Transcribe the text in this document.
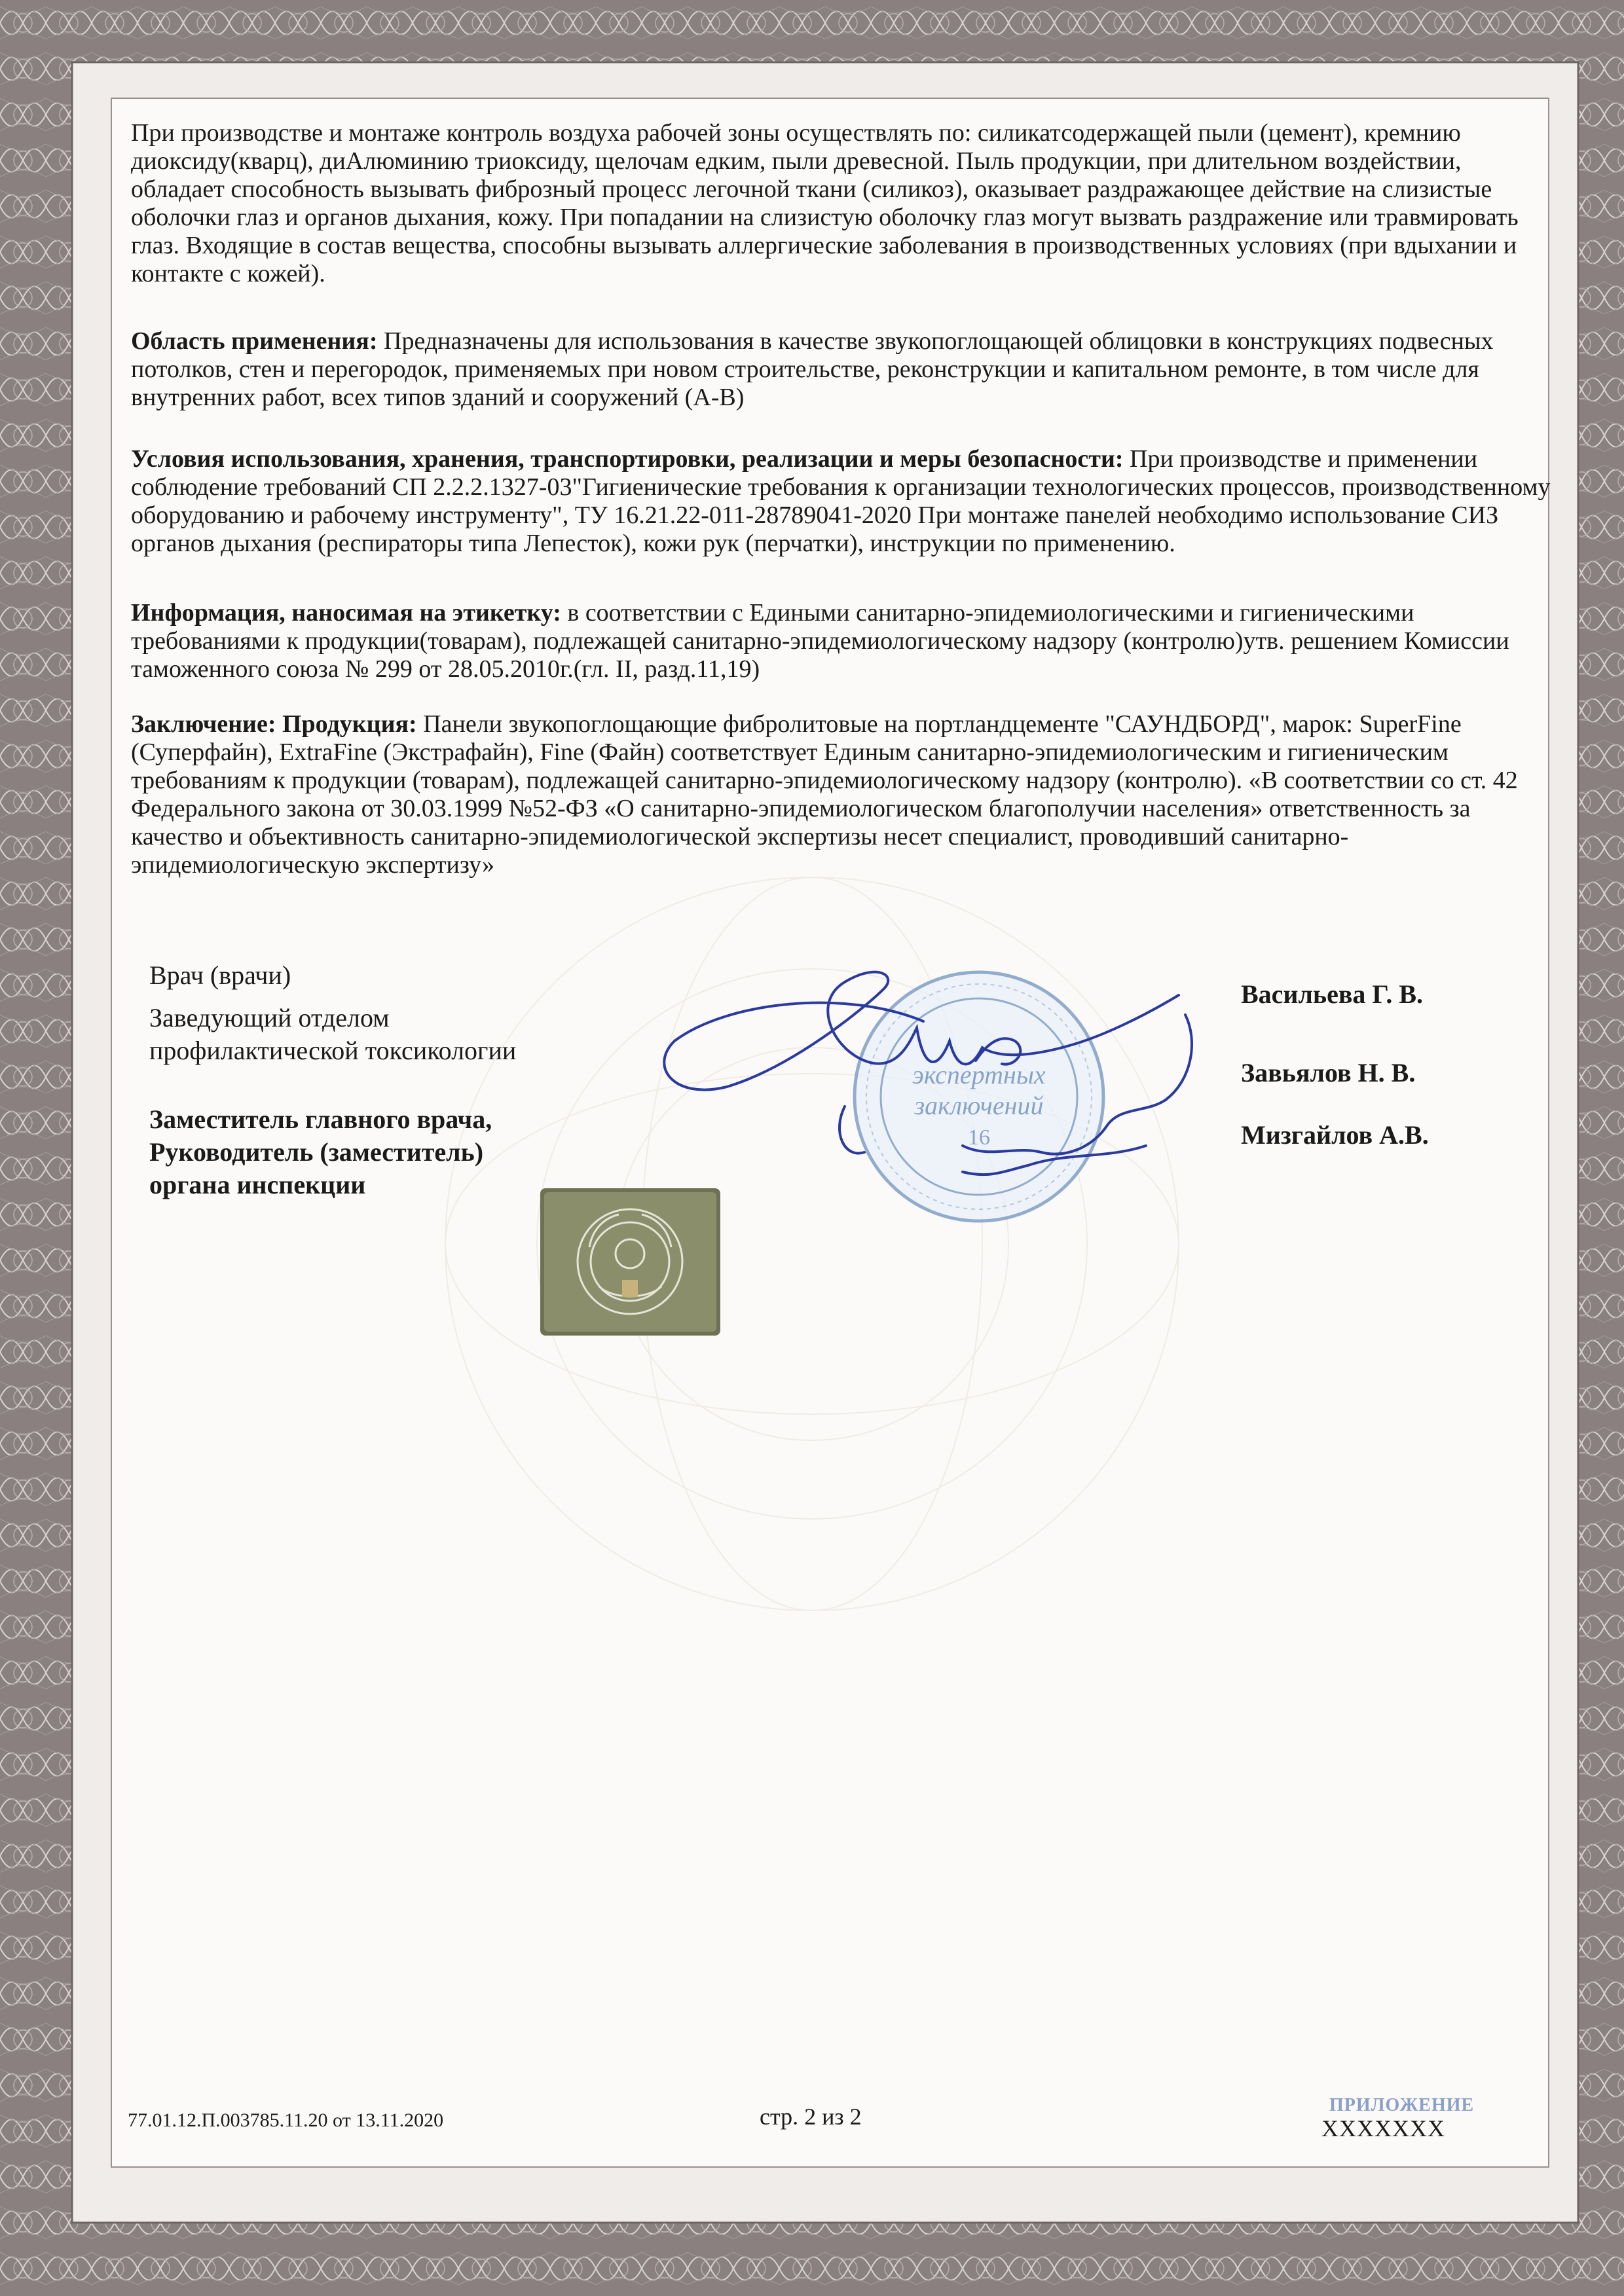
При производстве и монтаже контроль воздуха рабочей зоны осуществлять по: силикатсодержащей пыли (цемент), кремнию диоксиду(кварц), диАлюминию триоксиду, щелочам едким, пыли древесной. Пыль продукции, при длительном воздействии, обладает способность вызывать фиброзный процесс легочной ткани (силикоз), оказывает раздражающее действие на слизистые оболочки глаз и органов дыхания, кожу. При попадании на слизистую оболочку глаз могут вызвать раздражение или травмировать глаз. Входящие в состав вещества, способны вызывать аллергические заболевания в производственных условиях (при вдыхании и контакте с кожей).

Область применения: Предназначены для использования в качестве звукопоглощающей облицовки в конструкциях подвесных потолков, стен и перегородок, применяемых при новом строительстве, реконструкции и капитальном ремонте, в том числе для внутренних работ, всех типов зданий и сооружений (А-В)

Условия использования, хранения, транспортировки, реализации и меры безопасности: При производстве и применении соблюдение требований СП 2.2.2.1327-03"Гигиенические требования к организации технологических процессов, производственному оборудованию и рабочему инструменту", ТУ 16.21.22-011-28789041-2020 При монтаже панелей необходимо использование СИЗ органов дыхания (респираторы типа Лепесток), кожи рук (перчатки), инструкции по применению.

Информация, наносимая на этикетку: в соответствии с Едиными санитарно-эпидемиологическими и гигиеническими требованиями к продукции(товарам), подлежащей санитарно-эпидемиологическому надзору (контролю)утв. решением Комиссии таможенного союза № 299 от 28.05.2010г.(гл. II, разд.11,19)

Заключение: Продукция: Панели звукопоглощающие фибролитовые на портландцементе "САУНДБОРД", марок: SuperFine (Суперфайн), ExtraFine (Экстрафайн), Fine (Файн) соответствует Единым санитарно-эпидемиологическим и гигиеническим требованиям к продукции (товарам), подлежащей санитарно-эпидемиологическому надзору (контролю). «В соответствии со ст. 42 Федерального закона от 30.03.1999 №52-ФЗ «О санитарно-эпидемиологическом благополучии населения» ответственность за качество и объективность санитарно-эпидемиологической экспертизы несет специалист, проводивший санитарно-эпидемиологическую экспертизу»

Врач (врачи)
Заведующий отделом
профилактической токсикологии
Заместитель главного врача,
Руководитель (заместитель)
органа инспекции
Васильева Г. В.
Завьялов Н. В.
Мизгайлов А.В.
экспертных
заключений
16
77.01.12.П.003785.11.20 от 13.11.2020	стр. 2 из 2	ПРИЛОЖЕНИЕ
XXXXXXX
